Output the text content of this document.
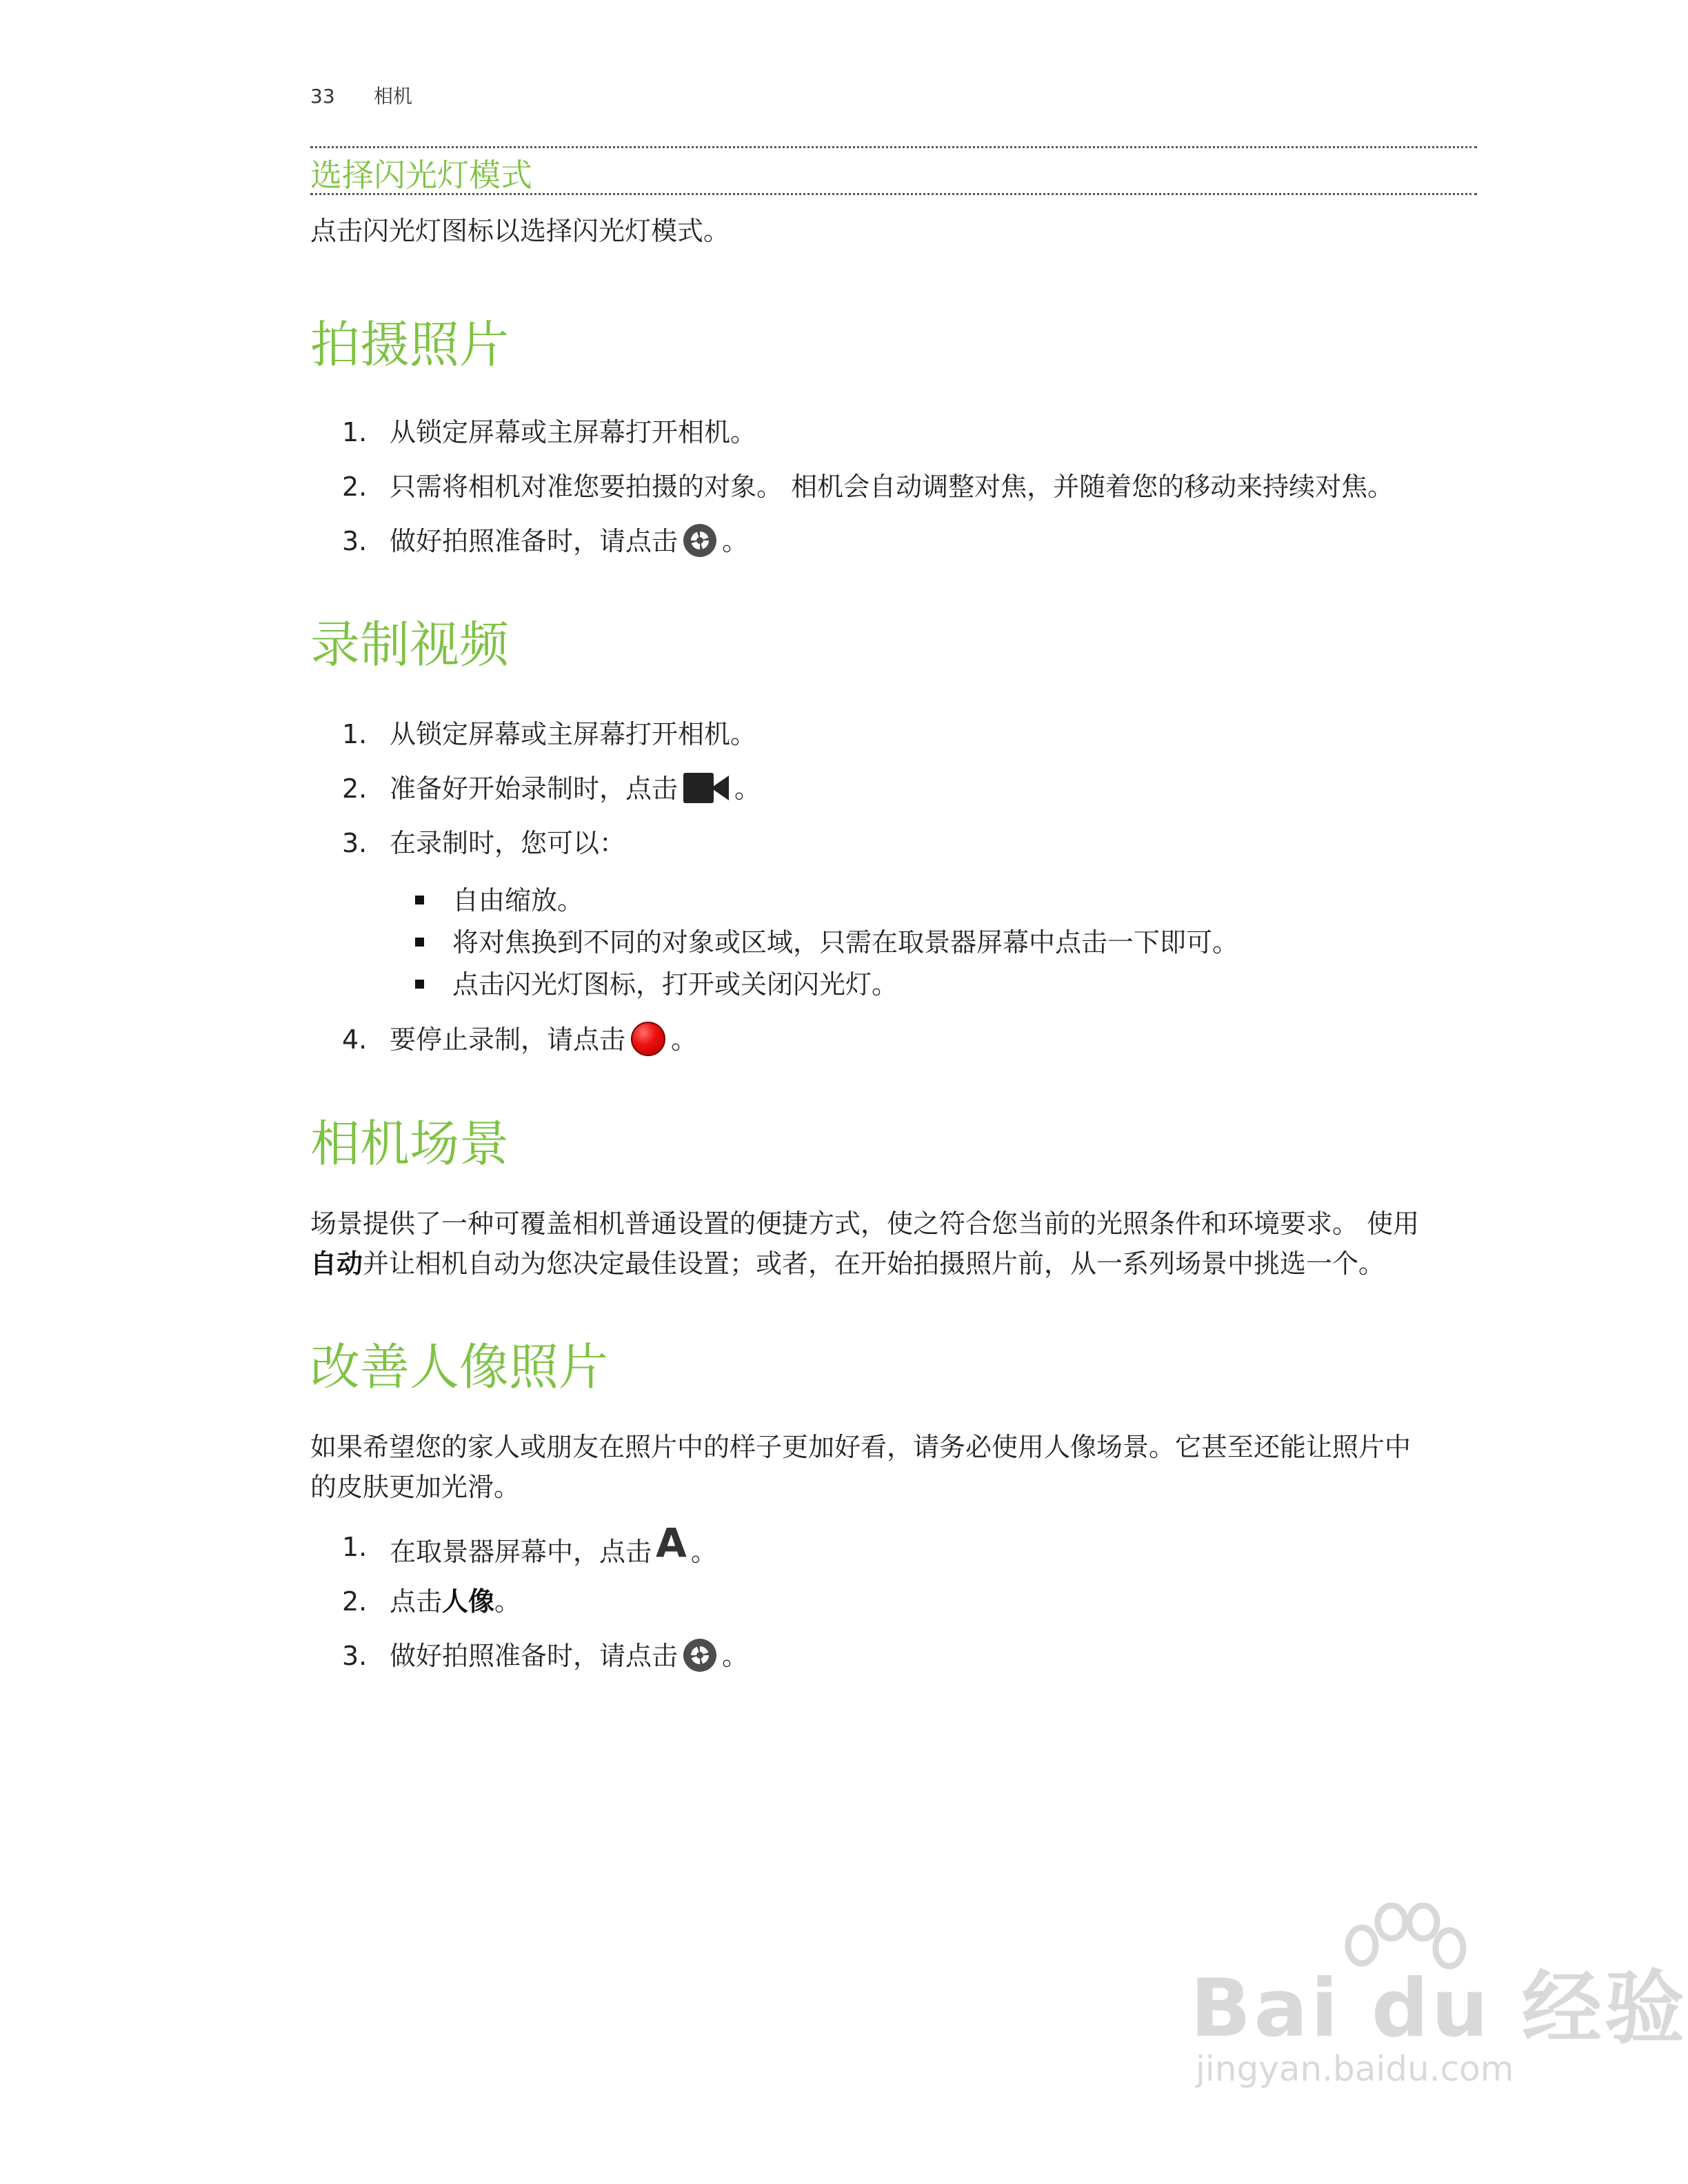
33 相机
选择闪光灯模式
点击闪光灯图标以选择闪光灯模式。
拍摄照片
1. 从锁定屏幕或主屏幕打开相机。
2. 只需将相机对准您要拍摄的对象。 相机会自动调整对焦，并随着您的移动来持续对焦。
3. 做好拍照准备时，请点击 。
录制视频
1. 从锁定屏幕或主屏幕打开相机。
2. 准备好开始录制时，点击 。
3. 在录制时，您可以：
自由缩放。
将对焦换到不同的对象或区域，只需在取景器屏幕中点击一下即可。
点击闪光灯图标，打开或关闭闪光灯。
4. 要停止录制，请点击 。
相机场景
场景提供了一种可覆盖相机普通设置的便捷方式，使之符合您当前的光照条件和环境要求。 使用
自动并让相机自动为您决定最佳设置；或者，在开始拍摄照片前，从一系列场景中挑选一个。
改善人像照片
如果希望您的家人或朋友在照片中的样子更加好看，请务必使用人像场景。它甚至还能让照片中
的皮肤更加光滑。
1. 在取景器屏幕中，点击 A 。
2. 点击人像。
3. 做好拍照准备时，请点击 。
Bai du 经验
jingyan.baidu.com
